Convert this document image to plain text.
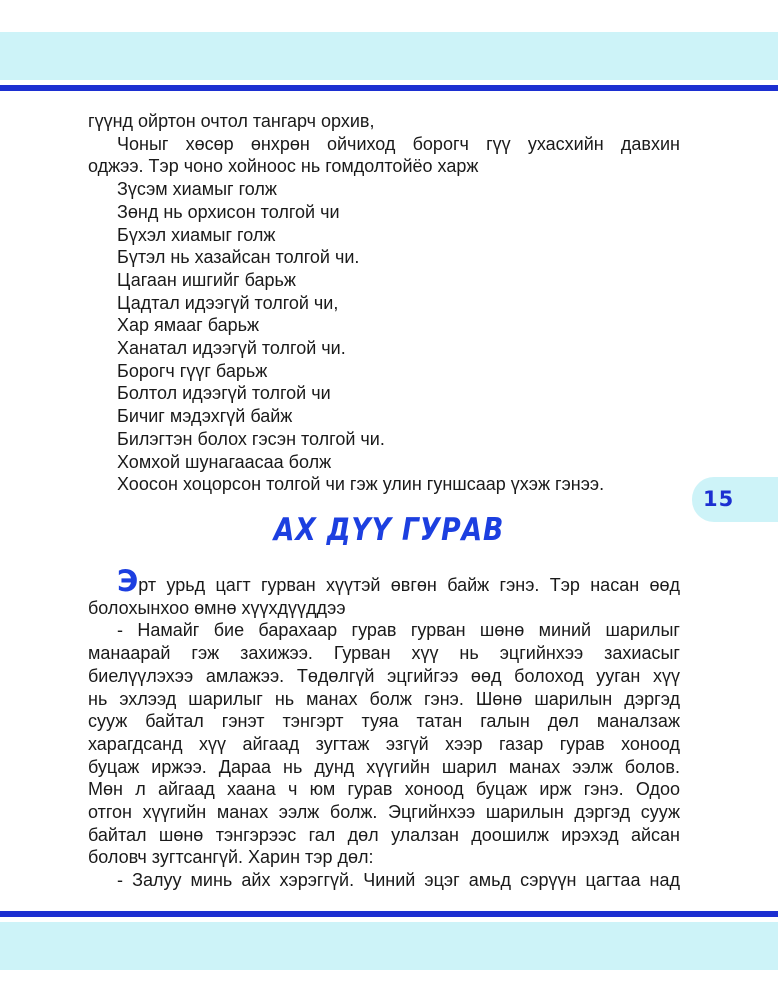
гүүнд ойртон очтол тангарч орхив,
Чоныг хөсөр өнхрөн ойчиход борогч гүү ухасхийн давхин
оджээ. Тэр чоно хойноос нь гомдолтойёо харж
Зүсэм хиамыг голж
Зөнд нь орхисон толгой чи
Бүхэл хиамыг голж
Бүтэл нь хазайсан толгой чи.
Цагаан ишгийг барьж
Цадтал идээгүй толгой чи,
Хар ямааг барьж
Ханатал идээгүй толгой чи.
Борогч гүүг барьж
Болтол идээгүй толгой чи
Бичиг мэдэхгүй байж
Билэгтэн болох гэсэн толгой чи.
Хомхой шунагаасаа болж
Хоосон хоцорсон толгой чи гэж улин гуншсаар үхэж гэнээ.
15
АХ ДҮҮ ГУРАВ
Эрт урьд цагт гурван хүүтэй өвгөн байж гэнэ. Тэр насан өөд
болохынхоо өмнө хүүхдүүддээ
- Намайг бие барахаар гурав гурван шөнө миний шарилыг
манаарай гэж захижээ. Гурван хүү нь эцгийнхээ захиасыг
биелүүлэхээ амлажээ. Төдөлгүй эцгийгээ өөд болоход ууган хүү
нь эхлээд шарилыг нь манах болж гэнэ. Шөнө шарилын дэргэд
сууж байтал гэнэт тэнгэрт туяа татан галын дөл маналзаж
харагдсанд хүү айгаад зугтаж эзгүй хээр газар гурав хоноод
буцаж иржээ. Дараа нь дунд хүүгийн шарил манах ээлж болов.
Мөн л айгаад хаана ч юм гурав хоноод буцаж ирж гэнэ. Одоо
отгон хүүгийн манах ээлж болж. Эцгийнхээ шарилын дэргэд сууж
байтал шөнө тэнгэрээс гал дөл улалзан доошилж ирэхэд айсан
боловч зугтсангүй. Харин тэр дөл:
- Залуу минь айх хэрэггүй. Чиний эцэг амьд сэрүүн цагтаа над
